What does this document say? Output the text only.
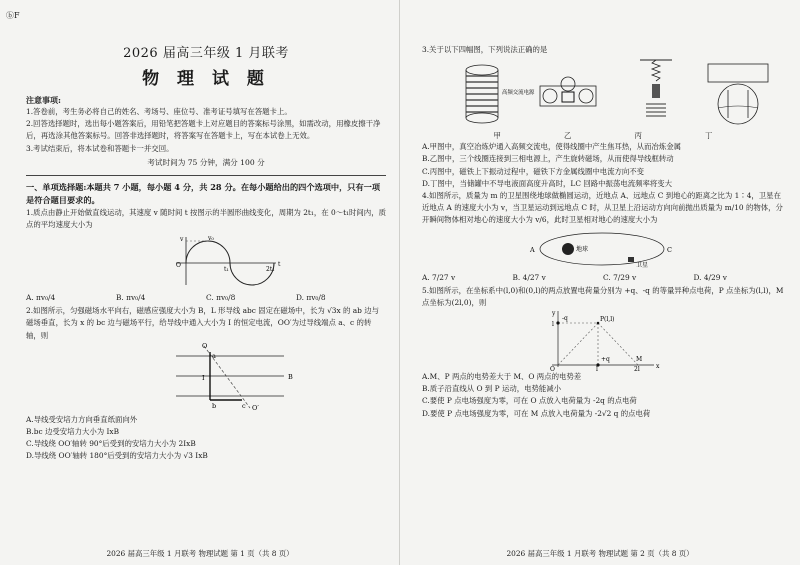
ⓑF
2026 届高三年级 1 月联考
物 理 试 题
注意事项:
1.答卷前，考生务必将自己的姓名、考场号、座位号、准考证号填写在答题卡上。
2.回答选择题时，选出每小题答案后，用铅笔把答题卡上对应题目的答案标号涂黑，如需改动，用橡皮擦干净后，再选涂其他答案标号。回答非选择题时，将答案写在答题卡上，写在本试卷上无效。
3.考试结束后，将本试卷和答题卡一并交回。
考试时间为 75 分钟，满分 100 分
一、单项选择题:本题共 7 小题，每小题 4 分，共 28 分。在每小题给出的四个选项中，只有一项是符合题目要求的。
1.质点由静止开始做直线运动，其速度 v 随时间 t 按图示的半圆形曲线变化，周期为 2t₁，在 0～t₁时间内，质点的平均速度大小为
v
O
t₁	2t₁
t
v₀
A. πv₀/4	B. πv₀/4	C. πv₀/8	D. πv₀/8
2.如图所示，匀强磁场水平向右，磁感应强度大小为 B，L 形导线 abc 固定在磁场中，长为 √3x 的 ab 边与磁场垂直，长为 x 的 bc 边与磁场平行，给导线中通入大小为 I 的恒定电流，OO′为过导线端点 a、c 的转轴，则
O
O′
a
b	c
I	B
A.导线受安培力方向垂直纸面向外
B.bc 边受安培力大小为 IxB
C.导线绕 OO′轴转 90°后受到的安培力大小为 2IxB
D.导线绕 OO′轴转 180°后受到的安培力大小为 √3 IxB
2026 届高三年级 1 月联考 物理试题 第 1 页（共 8 页）
3.关于以下四幅图，下列说法正确的是
高频交流电源
甲	乙	丙	丁
A.甲图中，真空冶炼炉通入高频交流电，使得线圈中产生焦耳热，从而冶炼金属
B.乙图中，三个线圈连接到三相电源上，产生旋转磁场，从而使得导线框转动
C.丙图中，磁铁上下振动过程中，磁铁下方金属线圈中电流方向不变
D.丁图中，当储罐中不导电液面高度升高时，LC 回路中振荡电流频率将变大
4.如图所示，质量为 m 的卫星围绕地球做椭圆运动，近地点 A、远地点 C 到地心的距离之比为 1∶4，卫星在近地点 A 的速度大小为 v，当卫星运动到远地点 C 时，从卫星上沿运动方向向前抛出质量为 m/10 的物体，分开瞬间物体相对地心的速度大小为 v/6，此时卫星相对地心的速度大小为
A	C
地球
卫星
A. 7/27 v	B. 4/27 v	C. 7/29 v	D. 4/29 v
5.如图所示，在坐标系中(l,0)和(0,l)的两点放置电荷量分别为 +q、-q 的等量异种点电荷，P 点坐标为(l,l)，M 点坐标为(2l,0)，则
y
x
O
l
l	2l
P(l,l)
M
-q
+q
A.M、P 两点的电势差大于 M、O 两点的电势差
B.质子沿直线从 O 到 P 运动，电势能减小
C.要使 P 点电场强度为零，可在 O 点放入电荷量为 -2q 的点电荷
D.要使 P 点电场强度为零，可在 M 点放入电荷量为 -2√2 q 的点电荷
2026 届高三年级 1 月联考 物理试题 第 2 页（共 8 页）
